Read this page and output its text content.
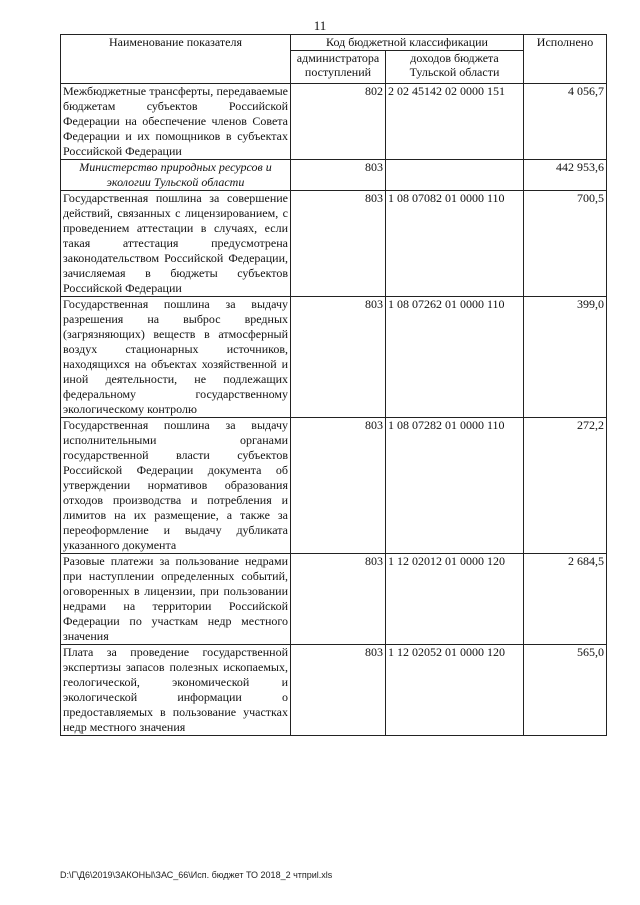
11
Наименование показателя	Код бюджетной классификации		Исполнено
	администратора поступлений	доходов бюджета Тульской области	
Межбюджетные трансферты, передаваемые бюджетам субъектов Российской Федерации на обеспечение членов Совета Федерации и их помощников в субъектах Российской Федерации	802	2 02 45142 02 0000 151	4 056,7
Министерство природных ресурсов и экологии Тульской области	803		442 953,6
Государственная пошлина за совершение действий, связанных с лицензированием, с проведением аттестации в случаях, если такая аттестация предусмотрена законодательством Российской Федерации, зачисляемая в бюджеты субъектов Российской Федерации	803	1 08 07082 01 0000 110	700,5
Государственная пошлина за выдачу разрешения на выброс вредных (загрязняющих) веществ в атмосферный воздух стационарных источников, находящихся на объектах хозяйственной и иной деятельности, не подлежащих федеральному государственному экологическому контролю	803	1 08 07262 01 0000 110	399,0
Государственная пошлина за выдачу исполнительными органами государственной власти субъектов Российской Федерации документа об утверждении нормативов образования отходов производства и потребления и лимитов на их размещение, а также за переоформление и выдачу дубликата указанного документа	803	1 08 07282 01 0000 110	272,2
Разовые платежи за пользование недрами при наступлении определенных событий, оговоренных в лицензии, при пользовании недрами на территории Российской Федерации по участкам недр местного значения	803	1 12 02012 01 0000 120	2 684,5
Плата за проведение государственной экспертизы запасов полезных ископаемых, геологической, экономической и экологической информации о предоставляемых в пользование участках недр местного значения	803	1 12 02052 01 0000 120	565,0
D:\Г\Д6\2019\ЗАКОНЫ\ЗАС_66\Исп. бюджет ТО 2018_2 чтприl.xls
